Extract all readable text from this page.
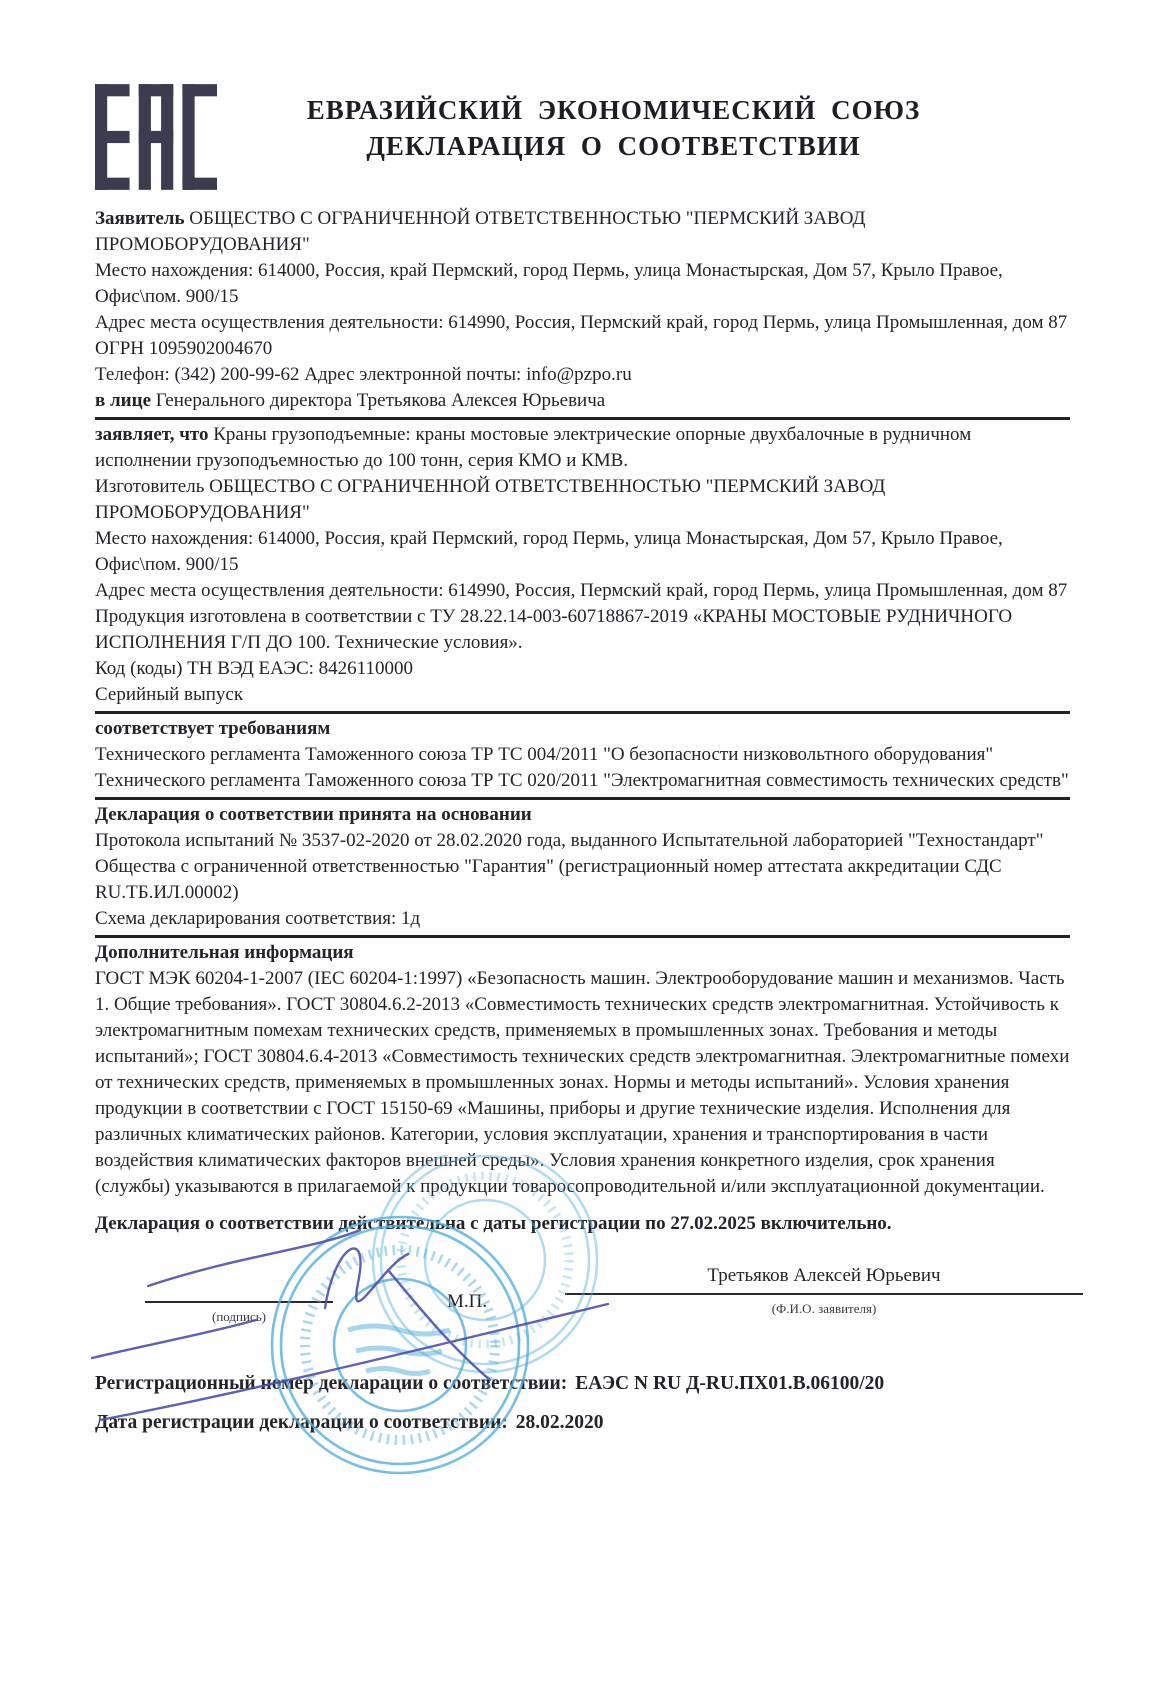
ЕВРАЗИЙСКИЙ ЭКОНОМИЧЕСКИЙ СОЮЗ
ДЕКЛАРАЦИЯ О СООТВЕТСТВИИ

Заявитель ОБЩЕСТВО С ОГРАНИЧЕННОЙ ОТВЕТСТВЕННОСТЬЮ "ПЕРМСКИЙ ЗАВОД ПРОМОБОРУДОВАНИЯ"

Место нахождения: 614000, Россия, край Пермский, город Пермь, улица Монастырская, Дом 57, Крыло Правое, Офис\пом. 900/15

Адрес места осуществления деятельности: 614990, Россия, Пермский край, город Пермь, улица Промышленная, дом 87

ОГРН 1095902004670

Телефон: (342) 200-99-62 Адрес электронной почты: info@pzpo.ru

в лице Генерального директора Третьякова Алексея Юрьевича

заявляет, что Краны грузоподъемные: краны мостовые электрические опорные двухбалочные в рудничном исполнении грузоподъемностью до 100 тонн, серия КМО и КМВ.

Изготовитель ОБЩЕСТВО С ОГРАНИЧЕННОЙ ОТВЕТСТВЕННОСТЬЮ "ПЕРМСКИЙ ЗАВОД ПРОМОБОРУДОВАНИЯ"

Место нахождения: 614000, Россия, край Пермский, город Пермь, улица Монастырская, Дом 57, Крыло Правое, Офис\пом. 900/15

Адрес места осуществления деятельности: 614990, Россия, Пермский край, город Пермь, улица Промышленная, дом 87

Продукция изготовлена в соответствии с ТУ 28.22.14-003-60718867-2019 «КРАНЫ МОСТОВЫЕ РУДНИЧНОГО ИСПОЛНЕНИЯ Г/П ДО 100. Технические условия».

Код (коды) ТН ВЭД ЕАЭС: 8426110000

Серийный выпуск

соответствует требованиям

Технического регламента Таможенного союза ТР ТС 004/2011 "О безопасности низковольтного оборудования"

Технического регламента Таможенного союза ТР ТС 020/2011 "Электромагнитная совместимость технических средств"

Декларация о соответствии принята на основании

Протокола испытаний № 3537-02-2020 от 28.02.2020 года, выданного Испытательной лабораторией "Техностандарт" Общества с ограниченной ответственностью "Гарантия" (регистрационный номер аттестата аккредитации СДС RU.ТБ.ИЛ.00002)

Схема декларирования соответствия: 1д

Дополнительная информация

ГОСТ МЭК 60204-1-2007 (IEC 60204-1:1997) «Безопасность машин. Электрооборудование машин и механизмов. Часть 1. Общие требования». ГОСТ 30804.6.2-2013 «Совместимость технических средств электромагнитная. Устойчивость к электромагнитным помехам технических средств, применяемых в промышленных зонах. Требования и методы испытаний»; ГОСТ 30804.6.4-2013 «Совместимость технических средств электромагнитная. Электромагнитные помехи от технических средств, применяемых в промышленных зонах. Нормы и методы испытаний». Условия хранения продукции в соответствии с ГОСТ 15150-69 «Машины, приборы и другие технические изделия. Исполнения для различных климатических районов. Категории, условия эксплуатации, хранения и транспортирования в части воздействия климатических факторов внешней среды». Условия хранения конкретного изделия, срок хранения (службы) указываются в прилагаемой к продукции товаросопроводительной и/или эксплуатационной документации.

Декларация о соответствии действительна с даты регистрации по 27.02.2025 включительно.

(подпись)
М.П.
Третьяков Алексей Юрьевич
(Ф.И.О. заявителя)

Регистрационный номер декларации о соответствии: ЕАЭС N RU Д-RU.ПХ01.В.06100/20

Дата регистрации декларации о соответствии: 28.02.2020
